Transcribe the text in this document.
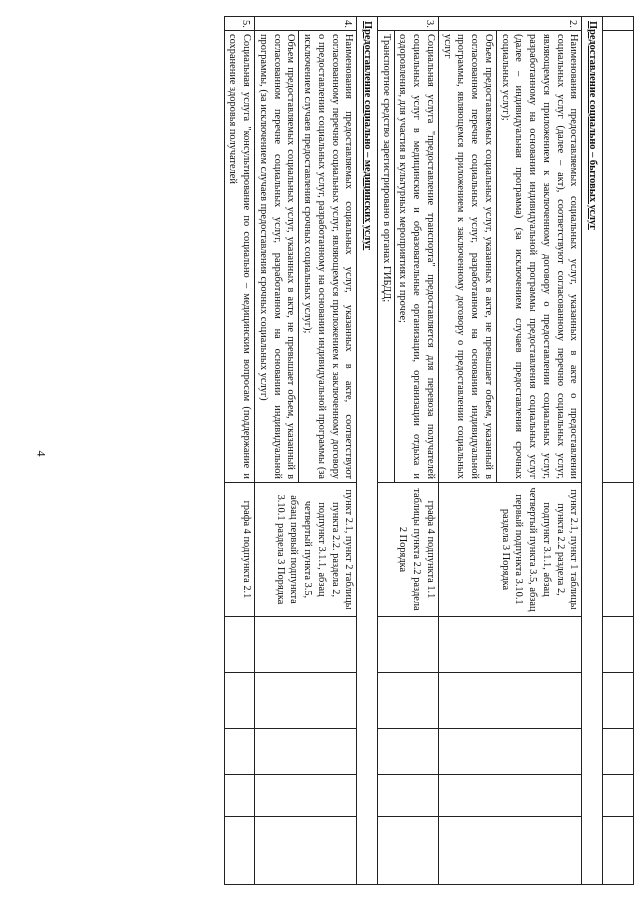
4

Предоставление социально – бытовых услуг							
2.	Наименования предоставляемых социальных услуг, указанных в акте о предоставлении социальных услуг (далее – акт), соответствуют согласованному перечню социальных услуг, являющемуся приложением к заключенному договору о предоставлении социальных услуг, разработанному на основании индивидуальной программы предоставления социальных услуг (далее – индивидуальная программа) (за исключением случаев предоставления срочных социальных услуг);	пункт 2.1, пункт 1 таблицы пункта 2.2 раздела 2, подпункт 3.1.1, абзац четвертый пункта 3.5, абзац первый подпункта 3.10.1 раздела 3 Порядка					
	Объем предоставляемых социальных услуг, указанных в акте, не превышает объем, указанный в согласованном перечне социальных услуг, разработанном на основании индивидуальной программы, являющемся приложением к заключенному договору о предоставлении социальных услуг						
3.	Социальная услуга "предоставление транспорта" предоставляется для перевоза получателей социальных услуг в медицинские и образовательные организации, организации отдыха и оздоровления, для участия в культурных мероприятиях и прочее;	графа 4 подпункта 1.1 таблицы пункта 2.2 раздела 2 Порядка					
	Транспортное средство зарегистрировано в органах ГИБДД;						
Предоставление социально – медицинских услуг							
4.	Наименования предоставляемых социальных услуг, указанных в акте, соответствуют согласованному перечню социальных услуг, являющемуся приложением к заключенному договору о предоставлении социальных услуг, разработанному на основании индивидуальной программы (за исключением случаев предоставления срочных социальных услуг);	пункт 2.1, пункт 2 таблицы пункта 2.2. раздела 2, подпункт 3.1.1, абзац четвертый пункта 3.5,
абзац первый подпункта 3.10.1 раздела 3 Порядка					
	Объем предоставляемых социальных услуг, указанных в акте, не превышает объем, указанный в согласованном перечне социальных услуг, разработанном на основании индивидуальной программы, (за исключением случаев предоставления срочных социальных услуг)						
5.	Социальная услуга "консультирование по социально – медицинским вопросам (поддержание и сохранение здоровья получателей	графа 4 подпункта 2.1					
